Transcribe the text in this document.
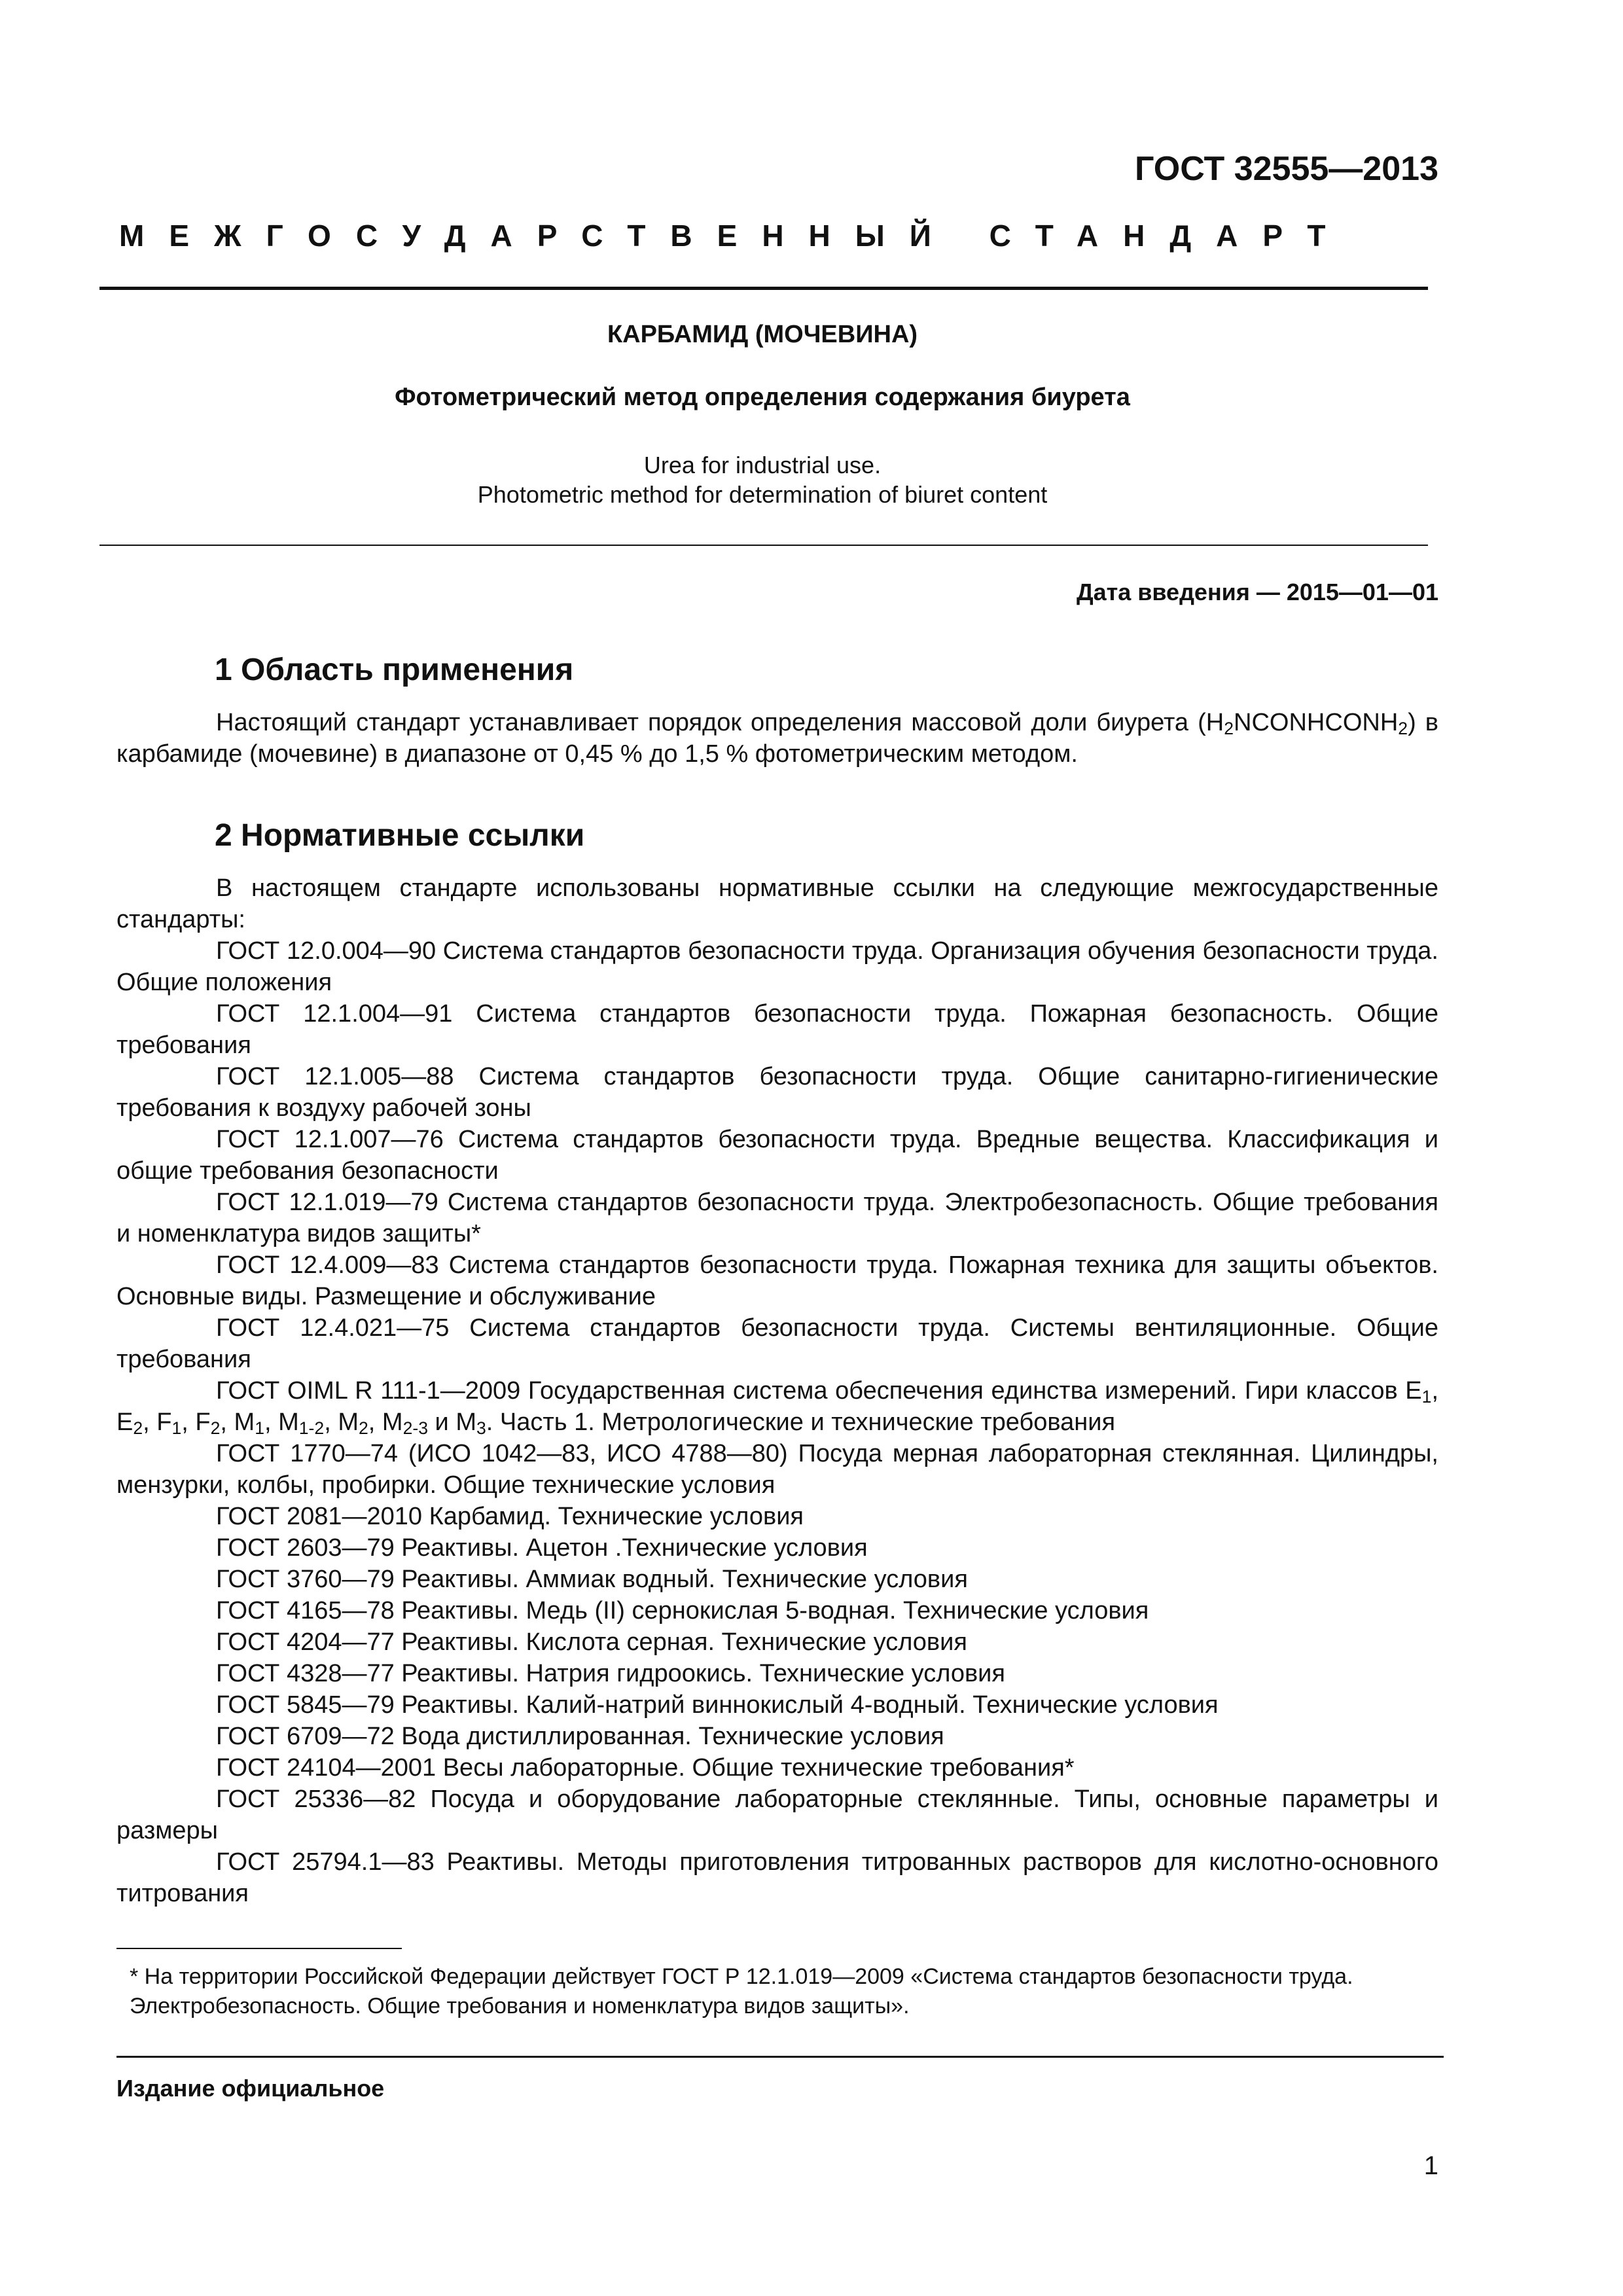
ГОСТ 32555—2013
МЕЖГОСУДАРСТВЕННЫЙ СТАНДАРТ
КАРБАМИД (МОЧЕВИНА)
Фотометрический метод определения содержания биурета
Urea for industrial use.
Photometric method for determination of biuret content
Дата введения — 2015—01—01
1 Область применения

Настоящий стандарт устанавливает порядок определения массовой доли биурета $(H_2NCONHCONH_2)$ в карбамиде (мочевине) в диапазоне от 0,45 % до 1,5 % фотометрическим методом.

2 Нормативные ссылки

В настоящем стандарте использованы нормативные ссылки на следующие межгосударственные стандарты:

ГОСТ 12.0.004—90 Система стандартов безопасности труда. Организация обучения безопасности труда. Общие положения

ГОСТ 12.1.004—91 Система стандартов безопасности труда. Пожарная безопасность. Общие требования

ГОСТ 12.1.005—88 Система стандартов безопасности труда. Общие санитарно-гигиенические требования к воздуху рабочей зоны

ГОСТ 12.1.007—76 Система стандартов безопасности труда. Вредные вещества. Классификация и общие требования безопасности

ГОСТ 12.1.019—79 Система стандартов безопасности труда. Электробезопасность. Общие требования и номенклатура видов защиты*

ГОСТ 12.4.009—83 Система стандартов безопасности труда. Пожарная техника для защиты объектов. Основные виды. Размещение и обслуживание

ГОСТ 12.4.021—75 Система стандартов безопасности труда. Системы вентиляционные. Общие требования

ГОСТ OIML R 111-1—2009 Государственная система обеспечения единства измерений. Гири классов $E_1$, $E_2$, $F_1$, $F_2$, $M_1$, $M_{1-2}$, $M_2$, $M_{2-3}$ и $M_3$. Часть 1. Метрологические и технические требования

ГОСТ 1770—74 (ИСО 1042—83, ИСО 4788—80) Посуда мерная лабораторная стеклянная. Цилиндры, мензурки, колбы, пробирки. Общие технические условия

ГОСТ 2081—2010 Карбамид. Технические условия

ГОСТ 2603—79 Реактивы. Ацетон .Технические условия

ГОСТ 3760—79 Реактивы. Аммиак водный. Технические условия

ГОСТ 4165—78 Реактивы. Медь (II) сернокислая 5-водная. Технические условия

ГОСТ 4204—77 Реактивы. Кислота серная. Технические условия

ГОСТ 4328—77 Реактивы. Натрия гидроокись. Технические условия

ГОСТ 5845—79 Реактивы. Калий-натрий виннокислый 4-водный. Технические условия

ГОСТ 6709—72 Вода дистиллированная. Технические условия

ГОСТ 24104—2001 Весы лабораторные. Общие технические требования*

ГОСТ 25336—82 Посуда и оборудование лабораторные стеклянные. Типы, основные параметры и размеры

ГОСТ 25794.1—83 Реактивы. Методы приготовления титрованных растворов для кислотно-основного титрования

* На территории Российской Федерации действует ГОСТ Р 12.1.019—2009 «Система стандартов безопасности труда. Электробезопасность. Общие требования и номенклатура видов защиты».
Издание официальное
1
